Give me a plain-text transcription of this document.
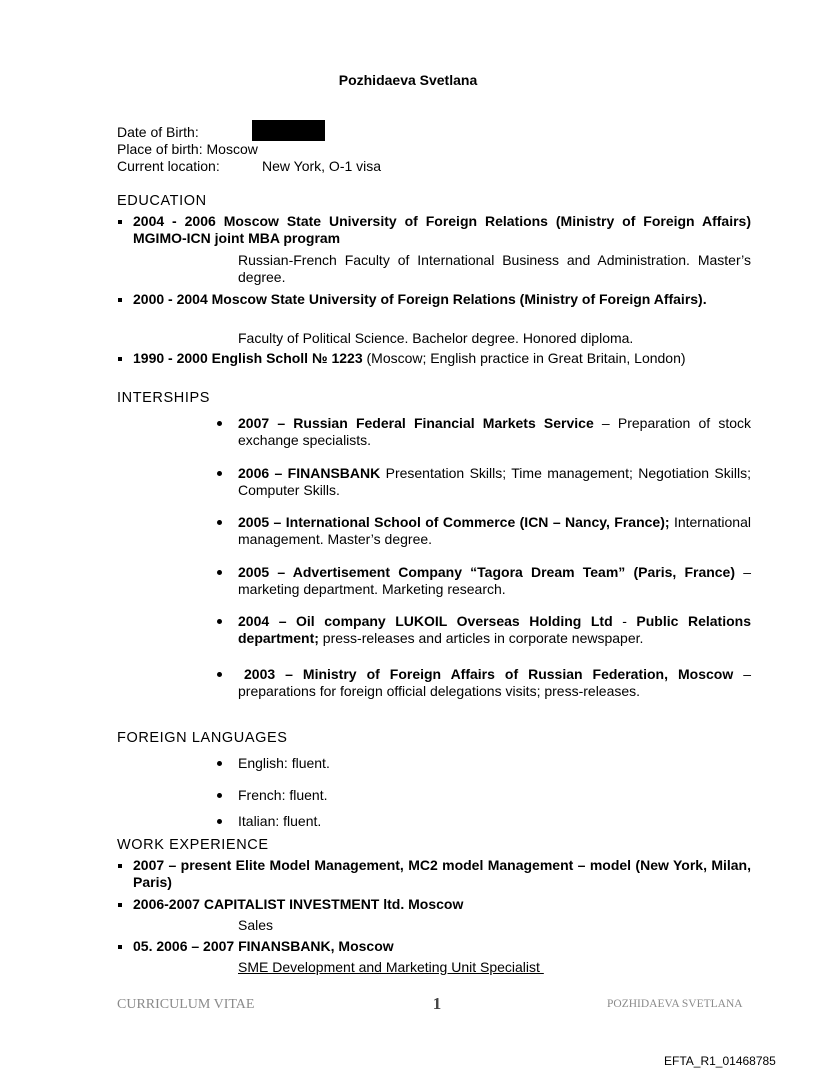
Pozhidaeva Svetlana
Date of Birth:
Place of birth: Moscow
Current location:	New York, O-1 visa
EDUCATION
2004 - 2006 Moscow State University of Foreign Relations (Ministry of Foreign Affairs) MGIMO-ICN joint MBA program
Russian-French Faculty of International Business and Administration. Master’s degree.
2000 - 2004 Moscow State University of Foreign Relations (Ministry of Foreign Affairs).
Faculty of Political Science. Bachelor degree. Honored diploma.
1990 - 2000 English Scholl № 1223 (Moscow; English practice in Great Britain, London)
INTERSHIPS
2007 – Russian Federal Financial Markets Service – Preparation of stock exchange specialists.
2006 – FINANSBANK Presentation Skills; Time management; Negotiation Skills; Computer Skills.
2005 – International School of Commerce (ICN – Nancy, France); International management. Master’s degree.
2005 – Advertisement Company “Tagora Dream Team” (Paris, France) –marketing department. Marketing research.
2004 – Oil company LUKOIL Overseas Holding Ltd - Public Relations department; press-releases and articles in corporate newspaper.
2003 – Ministry of Foreign Affairs of Russian Federation, Moscow – preparations for foreign official delegations visits; press-releases.
FOREIGN LANGUAGES
English: fluent.
French: fluent.
Italian: fluent.
WORK EXPERIENCE
2007 – present Elite Model Management, MC2 model Management – model (New York, Milan, Paris)
2006-2007 CAPITALIST INVESTMENT ltd. Moscow
Sales
05. 2006 – 2007 FINANSBANK, Moscow
SME Development and Marketing Unit Specialist
CURRICULUM VITAE	1	POZHIDAEVA SVETLANA
EFTA_R1_01468785
